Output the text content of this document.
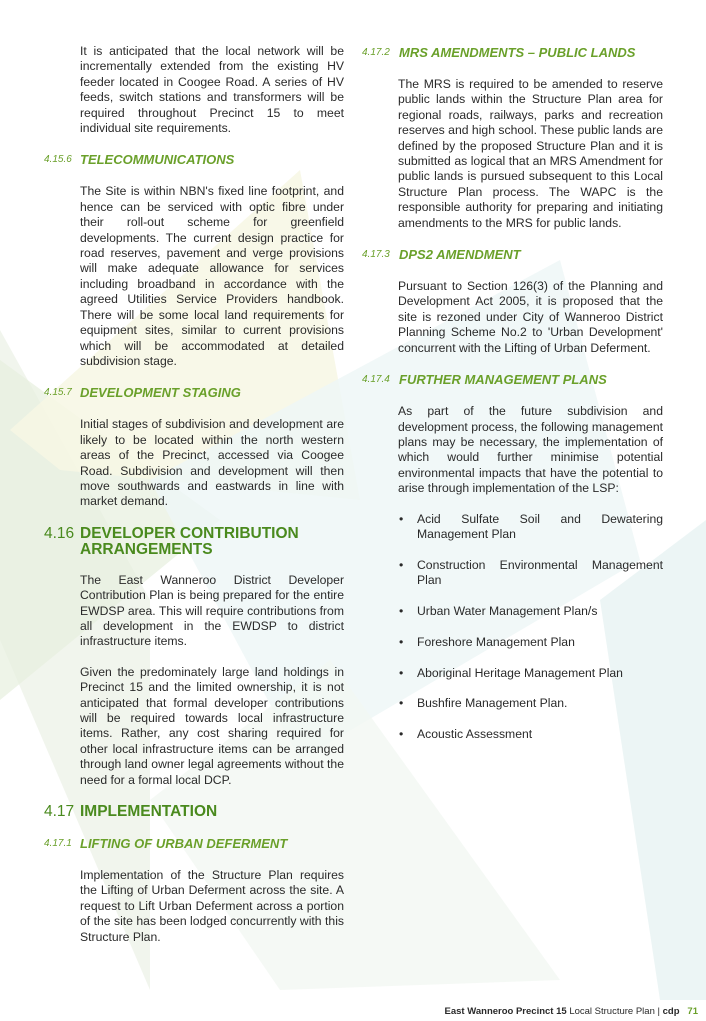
It is anticipated that the local network will be incrementally extended from the existing HV feeder located in Coogee Road. A series of HV feeds, switch stations and transformers will be required throughout Precinct 15 to meet individual site requirements.

4.15.6 TELECOMMUNICATIONS

The Site is within NBN's fixed line footprint, and hence can be serviced with optic fibre under their roll-out scheme for greenfield developments. The current design practice for road reserves, pavement and verge provisions will make adequate allowance for services including broadband in accordance with the agreed Utilities Service Providers handbook. There will be some local land requirements for equipment sites, similar to current provisions which will be accommodated at detailed subdivision stage.

4.15.7 DEVELOPMENT STAGING

Initial stages of subdivision and development are likely to be located within the north western areas of the Precinct, accessed via Coogee Road. Subdivision and development will then move southwards and eastwards in line with market demand.

4.16 DEVELOPER CONTRIBUTION ARRANGEMENTS

The East Wanneroo District Developer Contribution Plan is being prepared for the entire EWDSP area. This will require contributions from all development in the EWDSP to district infrastructure items.

Given the predominately large land holdings in Precinct 15 and the limited ownership, it is not anticipated that formal developer contributions will be required towards local infrastructure items. Rather, any cost sharing required for other local infrastructure items can be arranged through land owner legal agreements without the need for a formal local DCP.

4.17 IMPLEMENTATION
4.17.1 LIFTING OF URBAN DEFERMENT

Implementation of the Structure Plan requires the Lifting of Urban Deferment across the site. A request to Lift Urban Deferment across a portion of the site has been lodged concurrently with this Structure Plan.

4.17.2 MRS AMENDMENTS – PUBLIC LANDS

The MRS is required to be amended to reserve public lands within the Structure Plan area for regional roads, railways, parks and recreation reserves and high school. These public lands are defined by the proposed Structure Plan and it is submitted as logical that an MRS Amendment for public lands is pursued subsequent to this Local Structure Plan process. The WAPC is the responsible authority for preparing and initiating amendments to the MRS for public lands.

4.17.3 DPS2 AMENDMENT

Pursuant to Section 126(3) of the Planning and Development Act 2005, it is proposed that the site is rezoned under City of Wanneroo District Planning Scheme No.2 to 'Urban Development' concurrent with the Lifting of Urban Deferment.

4.17.4 FURTHER MANAGEMENT PLANS

As part of the future subdivision and development process, the following management plans may be necessary, the implementation of which would further minimise potential environmental impacts that have the potential to arise through implementation of the LSP:

• Acid Sulfate Soil and Dewatering Management Plan
• Construction Environmental Management Plan
• Urban Water Management Plan/s
• Foreshore Management Plan
• Aboriginal Heritage Management Plan
• Bushfire Management Plan.
• Acoustic Assessment
East Wanneroo Precinct 15 Local Structure Plan | cdp 71
